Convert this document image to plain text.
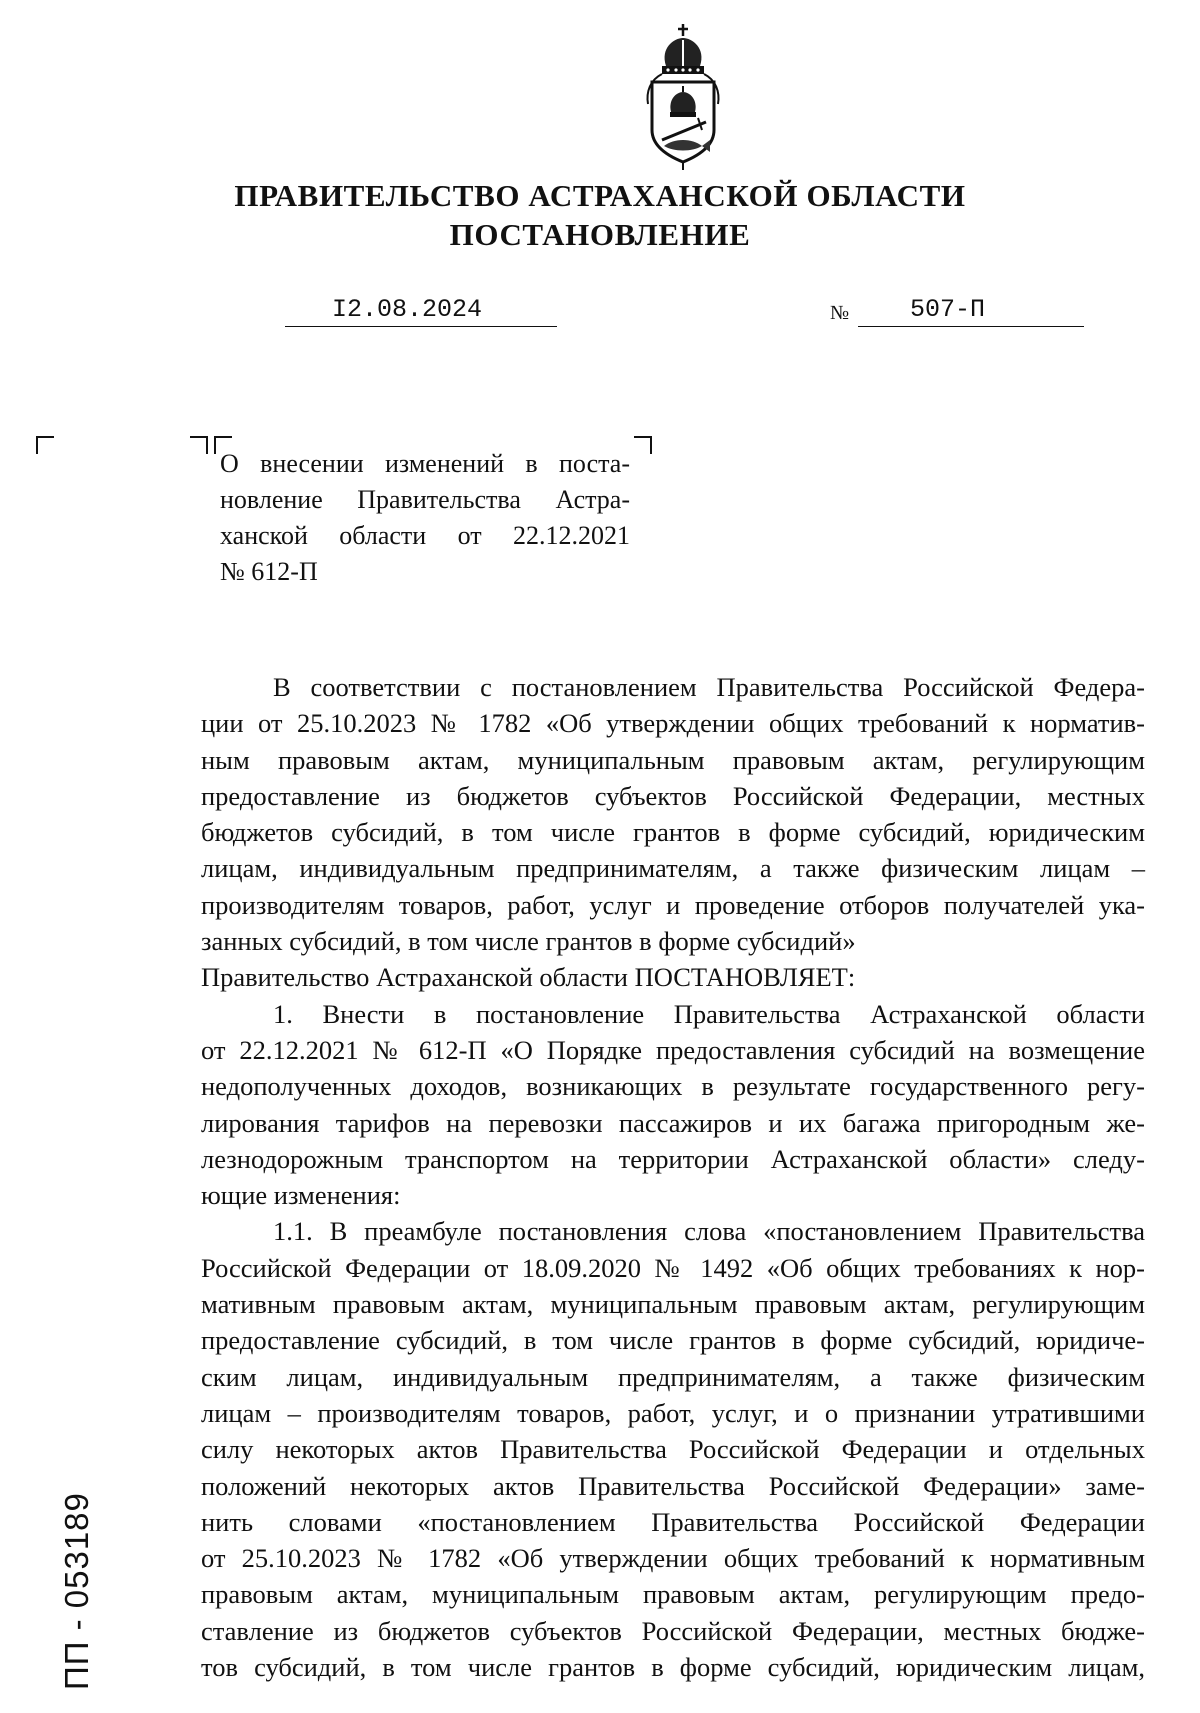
ПРАВИТЕЛЬСТВО АСТРАХАНСКОЙ ОБЛАСТИ
ПОСТАНОВЛЕНИЕ
I2.08.2024	№ 507-П
О внесении изменений в поста-
новление Правительства Астра-
ханской области от 22.12.2021
№ 612-П
В соответствии с постановлением Правительства Российской Федера-
ции от 25.10.2023 № 1782 «Об утверждении общих требований к норматив-
ным правовым актам, муниципальным правовым актам, регулирующим
предоставление из бюджетов субъектов Российской Федерации, местных
бюджетов субсидий, в том числе грантов в форме субсидий, юридическим
лицам, индивидуальным предпринимателям, а также физическим лицам –
производителям товаров, работ, услуг и проведение отборов получателей ука-
занных субсидий, в том числе грантов в форме субсидий»
Правительство Астраханской области ПОСТАНОВЛЯЕТ:
1. Внести в постановление Правительства Астраханской области
от 22.12.2021 № 612-П «О Порядке предоставления субсидий на возмещение
недополученных доходов, возникающих в результате государственного регу-
лирования тарифов на перевозки пассажиров и их багажа пригородным же-
лезнодорожным транспортом на территории Астраханской области» следу-
ющие изменения:
1.1. В преамбуле постановления слова «постановлением Правительства
Российской Федерации от 18.09.2020 № 1492 «Об общих требованиях к нор-
мативным правовым актам, муниципальным правовым актам, регулирующим
предоставление субсидий, в том числе грантов в форме субсидий, юридиче-
ским лицам, индивидуальным предпринимателям, а также физическим
лицам – производителям товаров, работ, услуг, и о признании утратившими
силу некоторых актов Правительства Российской Федерации и отдельных
положений некоторых актов Правительства Российской Федерации» заме-
нить словами «постановлением Правительства Российской Федерации
от 25.10.2023 № 1782 «Об утверждении общих требований к нормативным
правовым актам, муниципальным правовым актам, регулирующим предо-
ставление из бюджетов субъектов Российской Федерации, местных бюдже-
тов субсидий, в том числе грантов в форме субсидий, юридическим лицам,
ПП - 053189
